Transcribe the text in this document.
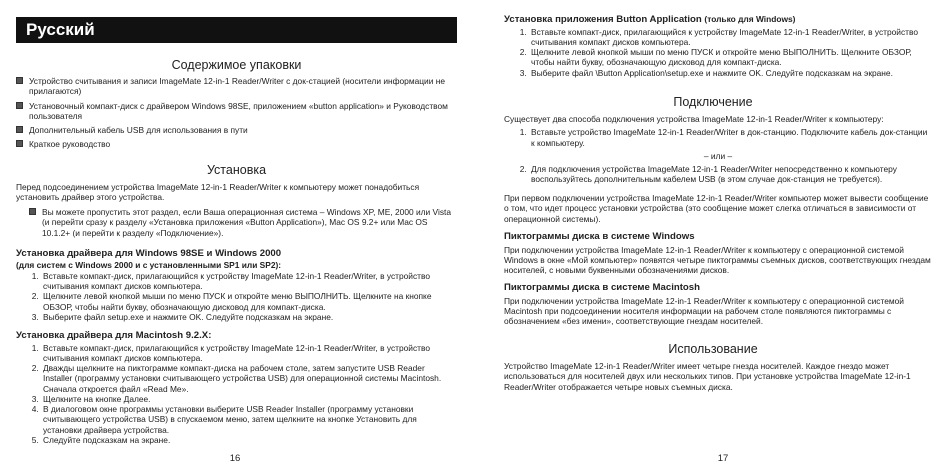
Русский
Содержимое упаковки
Устройство считывания и записи ImageMate 12-in-1 Reader/Writer с док-стацией (носители информации не прилагаются)
Установочный компакт-диск с драйвером Windows 98SE, приложением «button application» и Руководством пользователя
Дополнительный кабель USB для использования в пути
Краткое руководство
Установка

Перед подсоединением устройства ImageMate 12-in-1 Reader/Writer к компьютеру может понадобиться установить драйвер этого устройства.

Вы можете пропустить этот раздел, если Ваша операционная система – Windows XP, ME, 2000 или Vista (и перейти сразу к разделу «Установка приложения «Button Application»), Mac OS 9.2+ или Mac OS 10.1.2+ (и перейти к разделу «Подключение»).
Установка драйвера для Windows 98SE и Windows 2000
(для систем с Windows 2000 и с установленными SP1 или SP2):
1. Вставьте компакт-диск, прилагающийся к устройству ImageMate 12-in-1 Reader/Writer, в устройство считывания компакт дисков компьютера.
2. Щелкните левой кнопкой мыши по меню ПУСК и откройте меню ВЫПОЛНИТЬ. Щелкните на кнопке ОБЗОР, чтобы найти букву, обозначающую дисковод для компакт-диска.
3. Выберите файл setup.exe и нажмите OK. Следуйте подсказкам на экране.
Установка драйвера для Macintosh 9.2.X:
1. Вставьте компакт-диск, прилагающийся к устройству ImageMate 12-in-1 Reader/Writer, в устройство считывания компакт дисков компьютера.
2. Дважды щелкните на пиктограмме компакт-диска на рабочем столе, затем запустите USB Reader Installer (программу установки считывающего устройства USB) для операционной системы Macintosh. Сначала откроется файл «Read Me».
3. Щелкните на кнопке Далее.
4. В диалоговом окне программы установки выберите USB Reader Installer (программу установки считывающего устройства USB) в спускаемом меню, затем щелкните на кнопке Установить для установки драйвера устройства.
5. Следуйте подсказкам на экране.
16
Установка приложения Button Application (только для Windows)
1. Вставьте компакт-диск, прилагающийся к устройству ImageMate 12-in-1 Reader/Writer, в устройство считывания компакт дисков компьютера.
2. Щелкните левой кнопкой мыши по меню ПУСК и откройте меню ВЫПОЛНИТЬ. Щелкните ОБЗОР, чтобы найти букву, обозначающую дисковод для компакт-диска.
3. Выберите файл \Button Application\setup.exe и нажмите OK. Следуйте подсказкам на экране.
Подключение

Существует два способа подключения устройства ImageMate 12-in-1 Reader/Writer к компьютеру:

1. Вставьте устройство ImageMate 12-in-1 Reader/Writer в док-станцию. Подключите кабель док-станции к компьютеру.

– или –

2. Для подключения устройства ImageMate 12-in-1 Reader/Writer непосредственно к компьютеру воспользуйтесь дополнительным кабелем USB (в этом случае док-станция не требуется).

При первом подключении устройства ImageMate 12-in-1 Reader/Writer компьютер может вывести сообщение о том, что идет процесс установки устройства (это сообщение может слегка отличаться в зависимости от операционной системы).

Пиктограммы диска в системе Windows

При подключении устройства ImageMate 12-in-1 Reader/Writer к компьютеру с операционной системой Windows в окне «Мой компьютер» появятся четыре пиктограммы съемных дисков, соответствующих гнездам носителей, с новыми буквенными обозначениями дисков.

Пиктограммы диска в системе Macintosh

При подключении устройства ImageMate 12-in-1 Reader/Writer к компьютеру с операционной системой Macintosh при подсоединении носителя информации на рабочем столе появляются пиктограммы с обозначением «без имени», соответствующие гнездам носителей.

Использование

Устройство ImageMate 12-in-1 Reader/Writer имеет четыре гнезда носителей. Каждое гнездо может использоваться для носителей двух или нескольких типов. При установке устройства ImageMate 12-in-1 Reader/Writer отображается четыре новых съемных диска.

17
